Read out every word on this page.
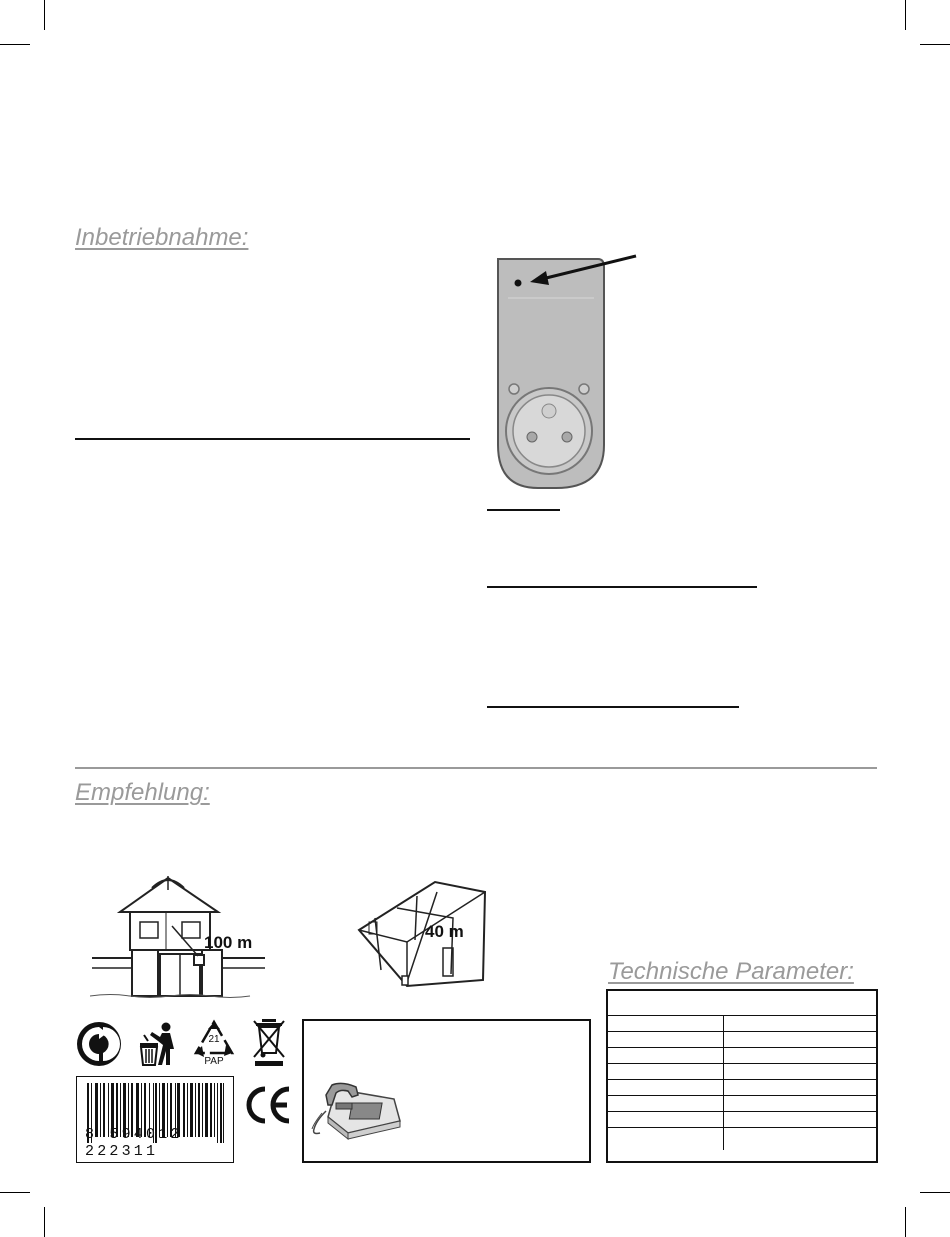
Inbetriebnahme:
Empfehlung:
100 m
40 m
Technische Parameter:

21
PAP
8 594012 222311
